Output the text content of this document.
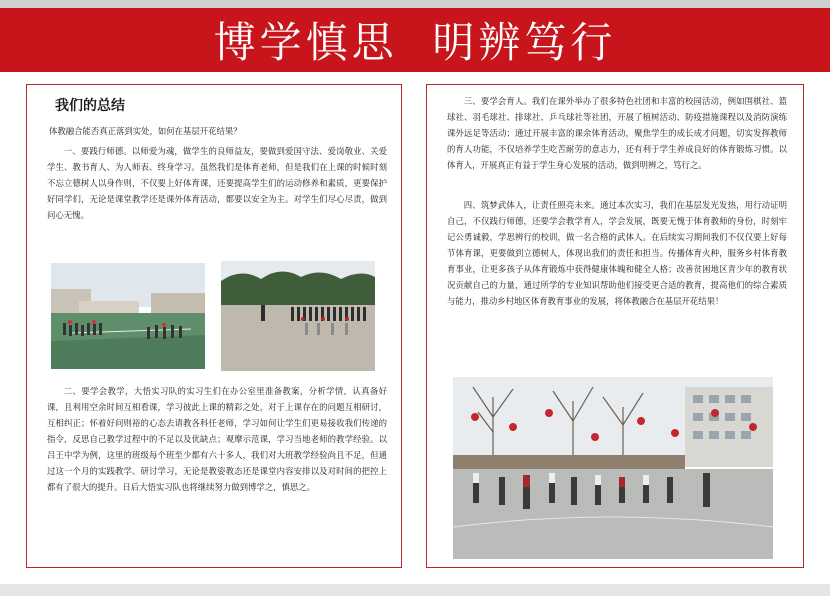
博学慎思  明辨笃行
我们的总结
体教融合能否真正落到实处，如何在基层开花结果？
一、要践行师德。以师爱为魂，做学生的良师益友，要做到爱国守法、爱岗敬业、关爱学生、教书育人、为人师表、终身学习。虽然我们是体育老师，但是我们在上课的时候时刻不忘立德树人以身作则，不仅要上好体育课，还要提高学生们的运动修养和素质，更要保护好同学们，无论是课堂教学还是课外体育活动，都要以安全为主。对学生们尽心尽责，做到问心无愧。
二、要学会教学，大悟实习队的实习生们在办公室里准备教案，分析学情，认真备好课，且利用空余时间互相看课，学习彼此上课的精彩之处，对于上课存在的问题互相研讨，互相纠正；怀着好问则裕的心态去请教各科任老师，学习如何让学生们更易接收我们传递的指令，反思自己教学过程中的不足以及优缺点；观摩示范课，学习当地老师的教学经验。以吕王中学为例，这里的班级每个班至少都有六十多人，我们对大班教学经验尚且不足，但通过这一个月的实践教学、研讨学习，无论是教姿教态还是课堂内容安排以及对时间的把控上都有了很大的提升。日后大悟实习队也将继续努力做到博学之，慎思之。
三、要学会育人。我们在课外举办了很多特色社团和丰富的校园活动，例如围棋社、篮球社、羽毛球社、排球社、乒乓球社等社团，开展了植树活动、防疫措施课程以及消防演练课外远足等活动；通过开展丰富的课余体育活动，聚焦学生的成长成才问题，切实发挥教师的育人功能，不仅培养学生吃苦耐劳的意志力，还有利于学生养成良好的体育锻炼习惯。以体育人，开展真正有益于学生身心发展的活动，做到明辨之，笃行之。
四、筑梦武体人，让责任照亮未来。通过本次实习，我们在基层发光发热，用行动证明自己，不仅践行师德，还要学会教学育人，学会发展，既要无愧于体育教师的身份，时刻牢记公勇诚毅，学思辨行的校训，做一名合格的武体人。在后续实习期间我们不仅仅要上好每节体育课，更要做到立德树人，体现出我们的责任和担当。传播体育火种，服务乡村体育教育事业，让更多孩子从体育锻炼中获得健康体魄和健全人格；改善贫困地区青少年的教育状况贡献自己的力量，通过所学的专业知识帮助他们接受更合适的教育，提高他们的综合素质与能力，推动乡村地区体育教育事业的发展，将体教融合在基层开花结果！
